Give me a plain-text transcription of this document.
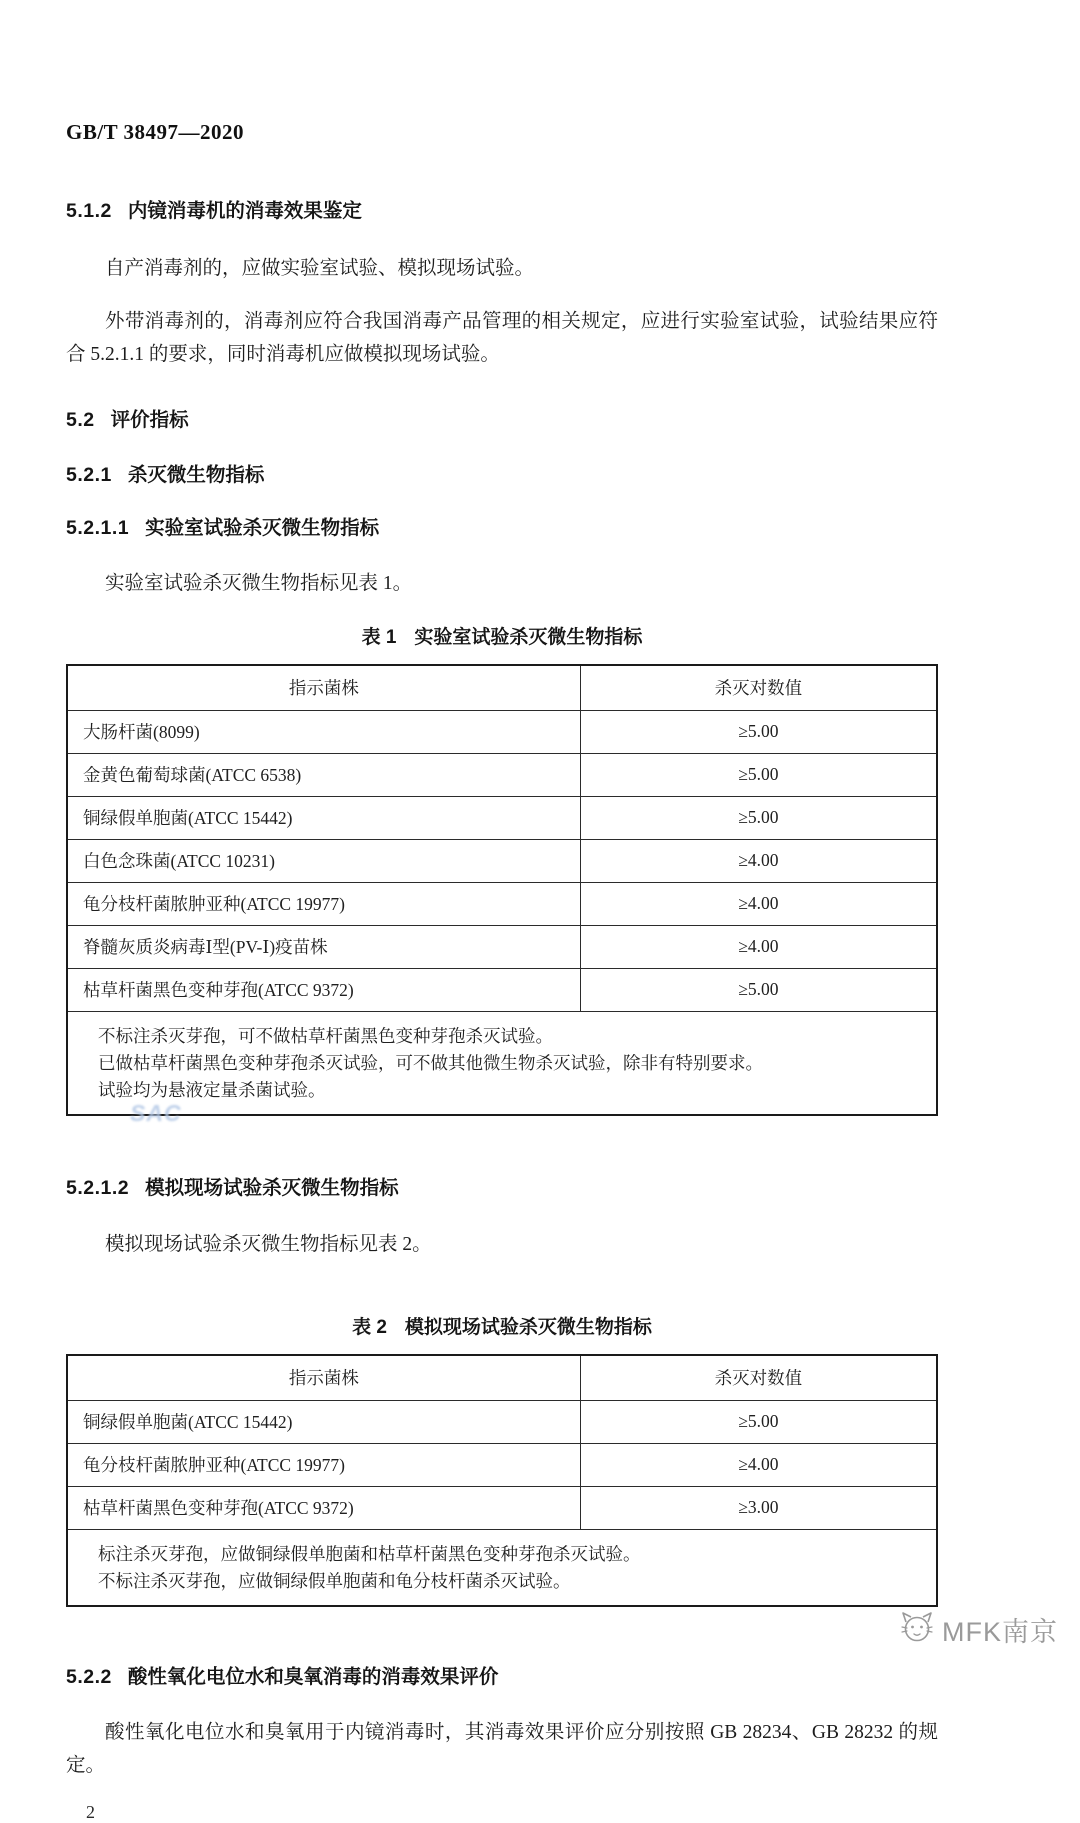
GB/T 38497—2020
5.1.2 内镜消毒机的消毒效果鉴定

自产消毒剂的，应做实验室试验、模拟现场试验。

外带消毒剂的，消毒剂应符合我国消毒产品管理的相关规定，应进行实验室试验，试验结果应符合 5.2.1.1 的要求，同时消毒机应做模拟现场试验。

5.2 评价指标
5.2.1 杀灭微生物指标
5.2.1.1 实验室试验杀灭微生物指标

实验室试验杀灭微生物指标见表 1。

表 1 实验室试验杀灭微生物指标
指示菌株	杀灭对数值
大肠杆菌(8099)	≥5.00
金黄色葡萄球菌(ATCC 6538)	≥5.00
铜绿假单胞菌(ATCC 15442)	≥5.00
白色念珠菌(ATCC 10231)	≥4.00
龟分枝杆菌脓肿亚种(ATCC 19977)	≥4.00
脊髓灰质炎病毒Ⅰ型(PV-Ⅰ)疫苗株	≥4.00
枯草杆菌黑色变种芽孢(ATCC 9372)	≥5.00

不标注杀灭芽孢，可不做枯草杆菌黑色变种芽孢杀灭试验。
已做枯草杆菌黑色变种芽孢杀灭试验，可不做其他微生物杀灭试验，除非有特别要求。
试验均为悬液定量杀菌试验。	
5.2.1.2 模拟现场试验杀灭微生物指标

模拟现场试验杀灭微生物指标见表 2。

表 2 模拟现场试验杀灭微生物指标
指示菌株	杀灭对数值
铜绿假单胞菌(ATCC 15442)	≥5.00
龟分枝杆菌脓肿亚种(ATCC 19977)	≥4.00
枯草杆菌黑色变种芽孢(ATCC 9372)	≥3.00

标注杀灭芽孢，应做铜绿假单胞菌和枯草杆菌黑色变种芽孢杀灭试验。
不标注杀灭芽孢，应做铜绿假单胞菌和龟分枝杆菌杀灭试验。	
5.2.2 酸性氧化电位水和臭氧消毒的消毒效果评价

酸性氧化电位水和臭氧用于内镜消毒时，其消毒效果评价应分别按照 GB 28234、GB 28232 的规定。

2
SAC
MFK南京
